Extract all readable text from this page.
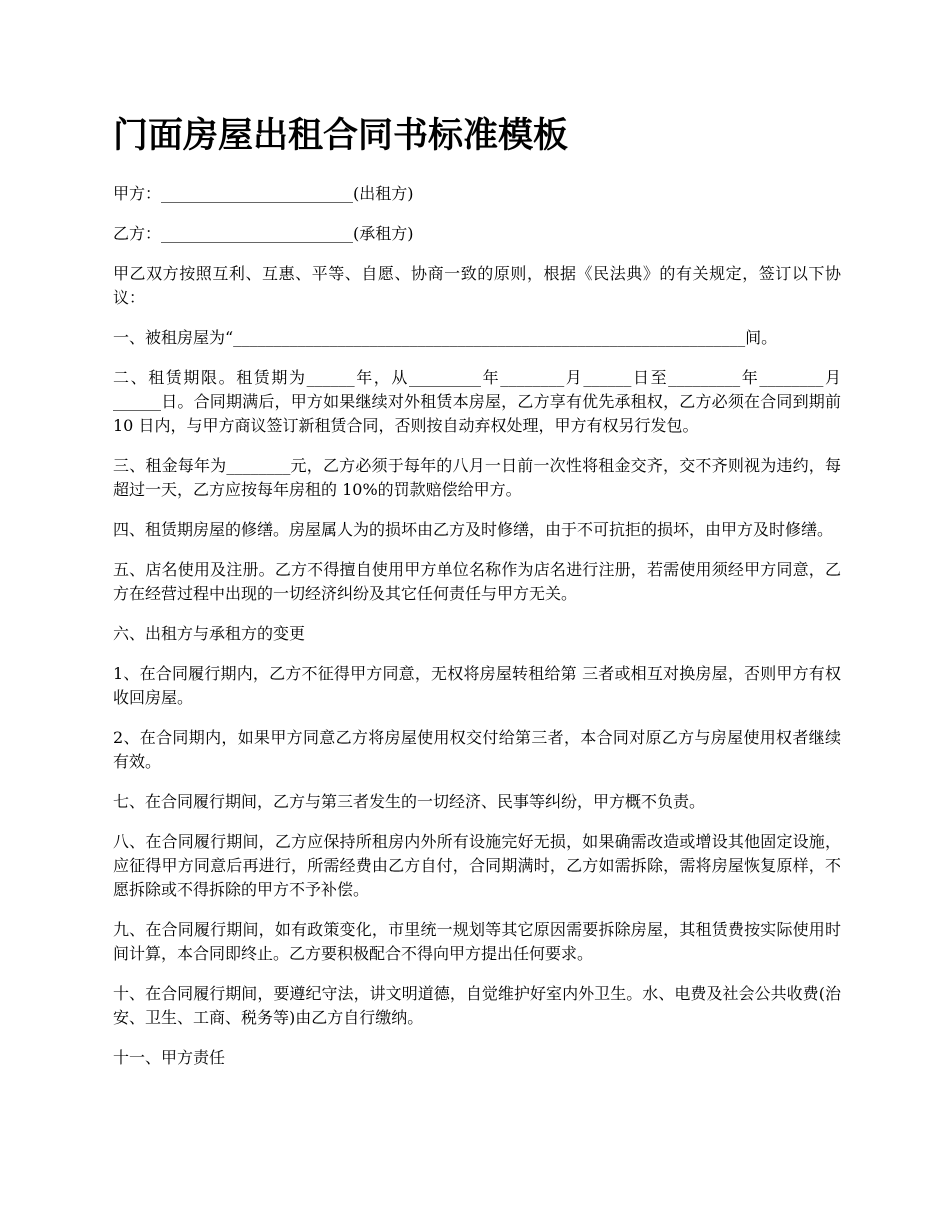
门面房屋出租合同书标准模板

甲方：________________________(出租方)

乙方：________________________(承租方)

甲乙双方按照互利、互惠、平等、自愿、协商一致的原则，根据《民法典》的有关规定，签订以下协议：

一、被租房屋为“________________________________________________________________间。

二、租赁期限。租赁期为______年，从_________年________月______日至_________年________月______日。合同期满后，甲方如果继续对外租赁本房屋，乙方享有优先承租权，乙方必须在合同到期前 10 日内，与甲方商议签订新租赁合同，否则按自动弃权处理，甲方有权另行发包。

三、租金每年为________元，乙方必须于每年的八月一日前一次性将租金交齐，交不齐则视为违约，每超过一天，乙方应按每年房租的 10%的罚款赔偿给甲方。

四、租赁期房屋的修缮。房屋属人为的损坏由乙方及时修缮，由于不可抗拒的损坏，由甲方及时修缮。

五、店名使用及注册。乙方不得擅自使用甲方单位名称作为店名进行注册，若需使用须经甲方同意，乙方在经营过程中出现的一切经济纠纷及其它任何责任与甲方无关。

六、出租方与承租方的变更

1、在合同履行期内，乙方不征得甲方同意，无权将房屋转租给第 三者或相互对换房屋，否则甲方有权收回房屋。

2、在合同期内，如果甲方同意乙方将房屋使用权交付给第三者，本合同对原乙方与房屋使用权者继续有效。

七、在合同履行期间，乙方与第三者发生的一切经济、民事等纠纷，甲方概不负责。

八、在合同履行期间，乙方应保持所租房内外所有设施完好无损，如果确需改造或增设其他固定设施，应征得甲方同意后再进行，所需经费由乙方自付，合同期满时，乙方如需拆除，需将房屋恢复原样，不愿拆除或不得拆除的甲方不予补偿。

九、在合同履行期间，如有政策变化，市里统一规划等其它原因需要拆除房屋，其租赁费按实际使用时间计算，本合同即终止。乙方要积极配合不得向甲方提出任何要求。

十、在合同履行期间，要遵纪守法，讲文明道德，自觉维护好室内外卫生。水、电费及社会公共收费(治安、卫生、工商、税务等)由乙方自行缴纳。

十一、甲方责任
